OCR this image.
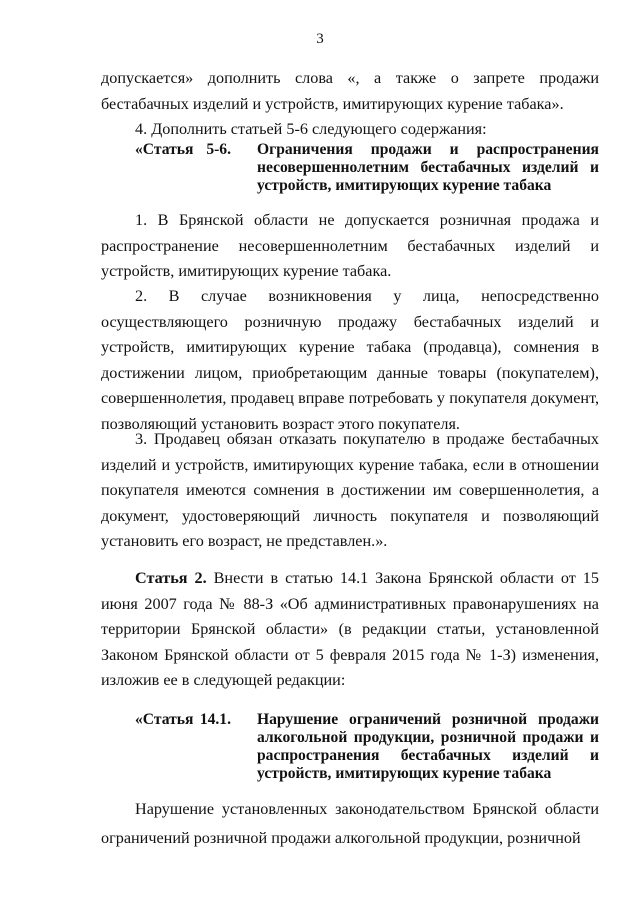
3

допускается» дополнить слова «, а также о запрете продажи бестабачных изделий и устройств, имитирующих курение табака».

4. Дополнить статьей 5-6 следующего содержания:

«Статья 5-6. Ограничения продажи и распространения несовершеннолетним бестабачных изделий и устройств, имитирующих курение табака

1. В Брянской области не допускается розничная продажа и распространение несовершеннолетним бестабачных изделий и устройств, имитирующих курение табака.

2. В случае возникновения у лица, непосредственно осуществляющего розничную продажу бестабачных изделий и устройств, имитирующих курение табака (продавца), сомнения в достижении лицом, приобретающим данные товары (покупателем), совершеннолетия, продавец вправе потребовать у покупателя документ, позволяющий установить возраст этого покупателя.

3. Продавец обязан отказать покупателю в продаже бестабачных изделий и устройств, имитирующих курение табака, если в отношении покупателя имеются сомнения в достижении им совершеннолетия, а документ, удостоверяющий личность покупателя и позволяющий установить его возраст, не представлен.».

Статья 2. Внести в статью 14.1 Закона Брянской области от 15 июня 2007 года № 88-З «Об административных правонарушениях на территории Брянской области» (в редакции статьи, установленной Законом Брянской области от 5 февраля 2015 года № 1-З) изменения, изложив ее в следующей редакции:

«Статья 14.1. Нарушение ограничений розничной продажи алкогольной продукции, розничной продажи и распространения бестабачных изделий и устройств, имитирующих курение табака

Нарушение установленных законодательством Брянской области ограничений розничной продажи алкогольной продукции, розничной
